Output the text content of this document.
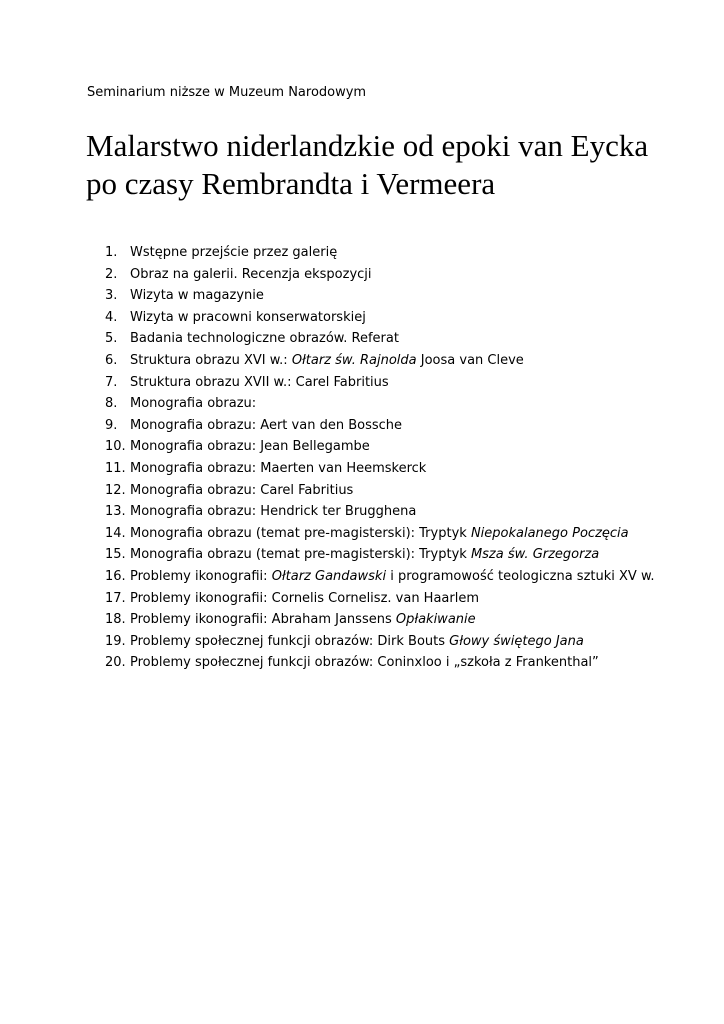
Seminarium niższe w Muzeum Narodowym
Malarstwo niderlandzkie od epoki van Eycka
po czasy Rembrandta i Vermeera
1. Wstępne przejście przez galerię
2. Obraz na galerii. Recenzja ekspozycji
3. Wizyta w magazynie
4. Wizyta w pracowni konserwatorskiej
5. Badania technologiczne obrazów. Referat
6. Struktura obrazu XVI w.: Ołtarz św. Rajnolda Joosa van Cleve
7. Struktura obrazu XVII w.: Carel Fabritius
8. Monografia obrazu:
9. Monografia obrazu: Aert van den Bossche
10. Monografia obrazu: Jean Bellegambe
11. Monografia obrazu: Maerten van Heemskerck
12. Monografia obrazu: Carel Fabritius
13. Monografia obrazu: Hendrick ter Brugghena
14. Monografia obrazu (temat pre-magisterski): Tryptyk Niepokalanego Poczęcia
15. Monografia obrazu (temat pre-magisterski): Tryptyk Msza św. Grzegorza
16. Problemy ikonografii: Ołtarz Gandawski i programowość teologiczna sztuki XV w.
17. Problemy ikonografii: Cornelis Cornelisz. van Haarlem
18. Problemy ikonografii: Abraham Janssens Opłakiwanie
19. Problemy społecznej funkcji obrazów: Dirk Bouts Głowy świętego Jana
20. Problemy społecznej funkcji obrazów: Coninxloo i „szkoła z Frankenthal”
